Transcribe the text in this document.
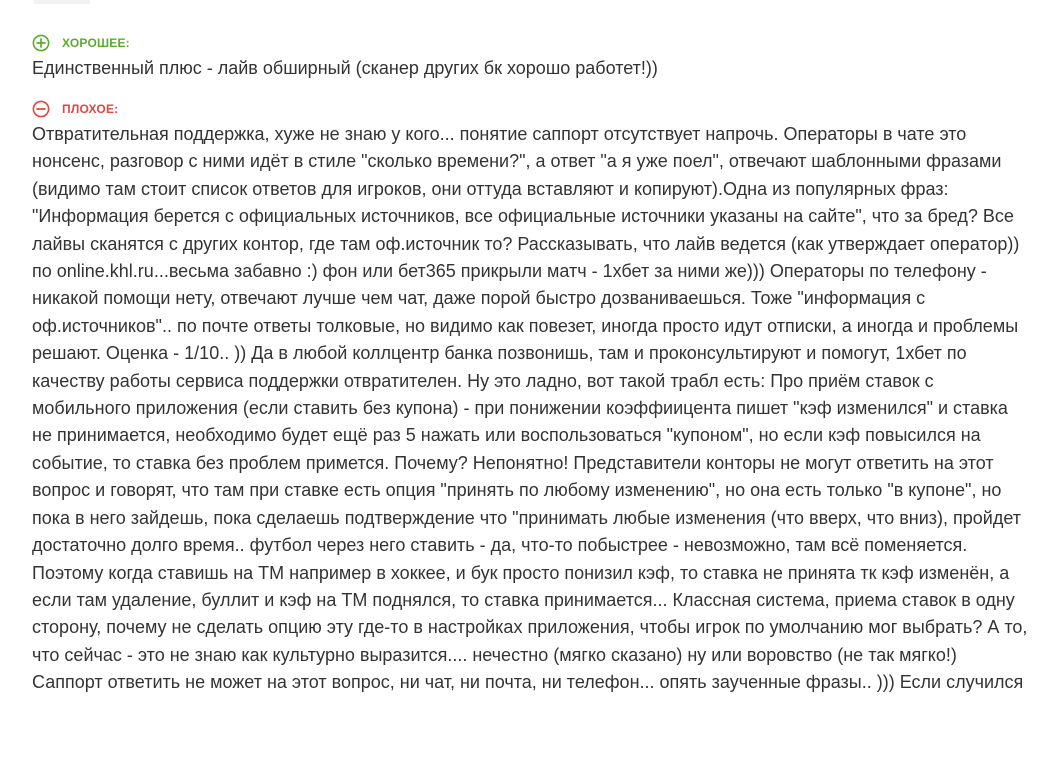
ХОРОШЕЕ:

Единственный плюс - лайв обширный (сканер других бк хорошо работет!))

ПЛОХОЕ:

Отвратительная поддержка, хуже не знаю у кого... понятие саппорт отсутствует напрочь. Операторы в чате это нонсенс, разговор с ними идёт в стиле "сколько времени?", а ответ "а я уже поел", отвечают шаблонными фразами (видимо там стоит список ответов для игроков, они оттуда вставляют и копируют).Одна из популярных фраз: "Информация берется с официальных источников, все официальные источники указаны на сайте", что за бред? Все лайвы сканятся с других контор, где там оф.источник то? Рассказывать, что лайв ведется (как утверждает оператор)) по online.khl.ru...весьма забавно :) фон или бет365 прикрыли матч - 1хбет за ними же))) Операторы по телефону - никакой помощи нету, отвечают лучше чем чат, даже порой быстро дозваниваешься. Тоже "информация с оф.источников".. по почте ответы толковые, но видимо как повезет, иногда просто идут отписки, а иногда и проблемы решают. Оценка - 1/10.. )) Да в любой коллцентр банка позвонишь, там и проконсультируют и помогут, 1хбет по качеству работы сервиса поддержки отвратителен. Ну это ладно, вот такой трабл есть: Про приём ставок с мобильного приложения (если ставить без купона) - при понижении коэффиицента пишет "кэф изменился" и ставка не принимается, необходимо будет ещё раз 5 нажать или воспользоваться "купоном", но если кэф повысился на событие, то ставка без проблем примется. Почему? Непонятно! Представители конторы не могут ответить на этот вопрос и говорят, что там при ставке есть опция "принять по любому изменению", но она есть только "в купоне", но пока в него зайдешь, пока сделаешь подтверждение что "принимать любые изменения (что вверх, что вниз), пройдет достаточно долго время.. футбол через него ставить - да, что-то побыстрее - невозможно, там всё поменяется. Поэтому когда ставишь на ТМ например в хоккее, и бук просто понизил кэф, то ставка не принята тк кэф изменён, а если там удаление, буллит и кэф на ТМ поднялся, то ставка принимается... Классная система, приема ставок в одну сторону, почему не сделать опцию эту где-то в настройках приложения, чтобы игрок по умолчанию мог выбрать? А то, что сейчас - это не знаю как культурно выразится.... нечестно (мягко сказано) ну или воровство (не так мягко!) Саппорт ответить не может на этот вопрос, ни чат, ни почта, ни телефон... опять заученные фразы.. ))) Если случился
